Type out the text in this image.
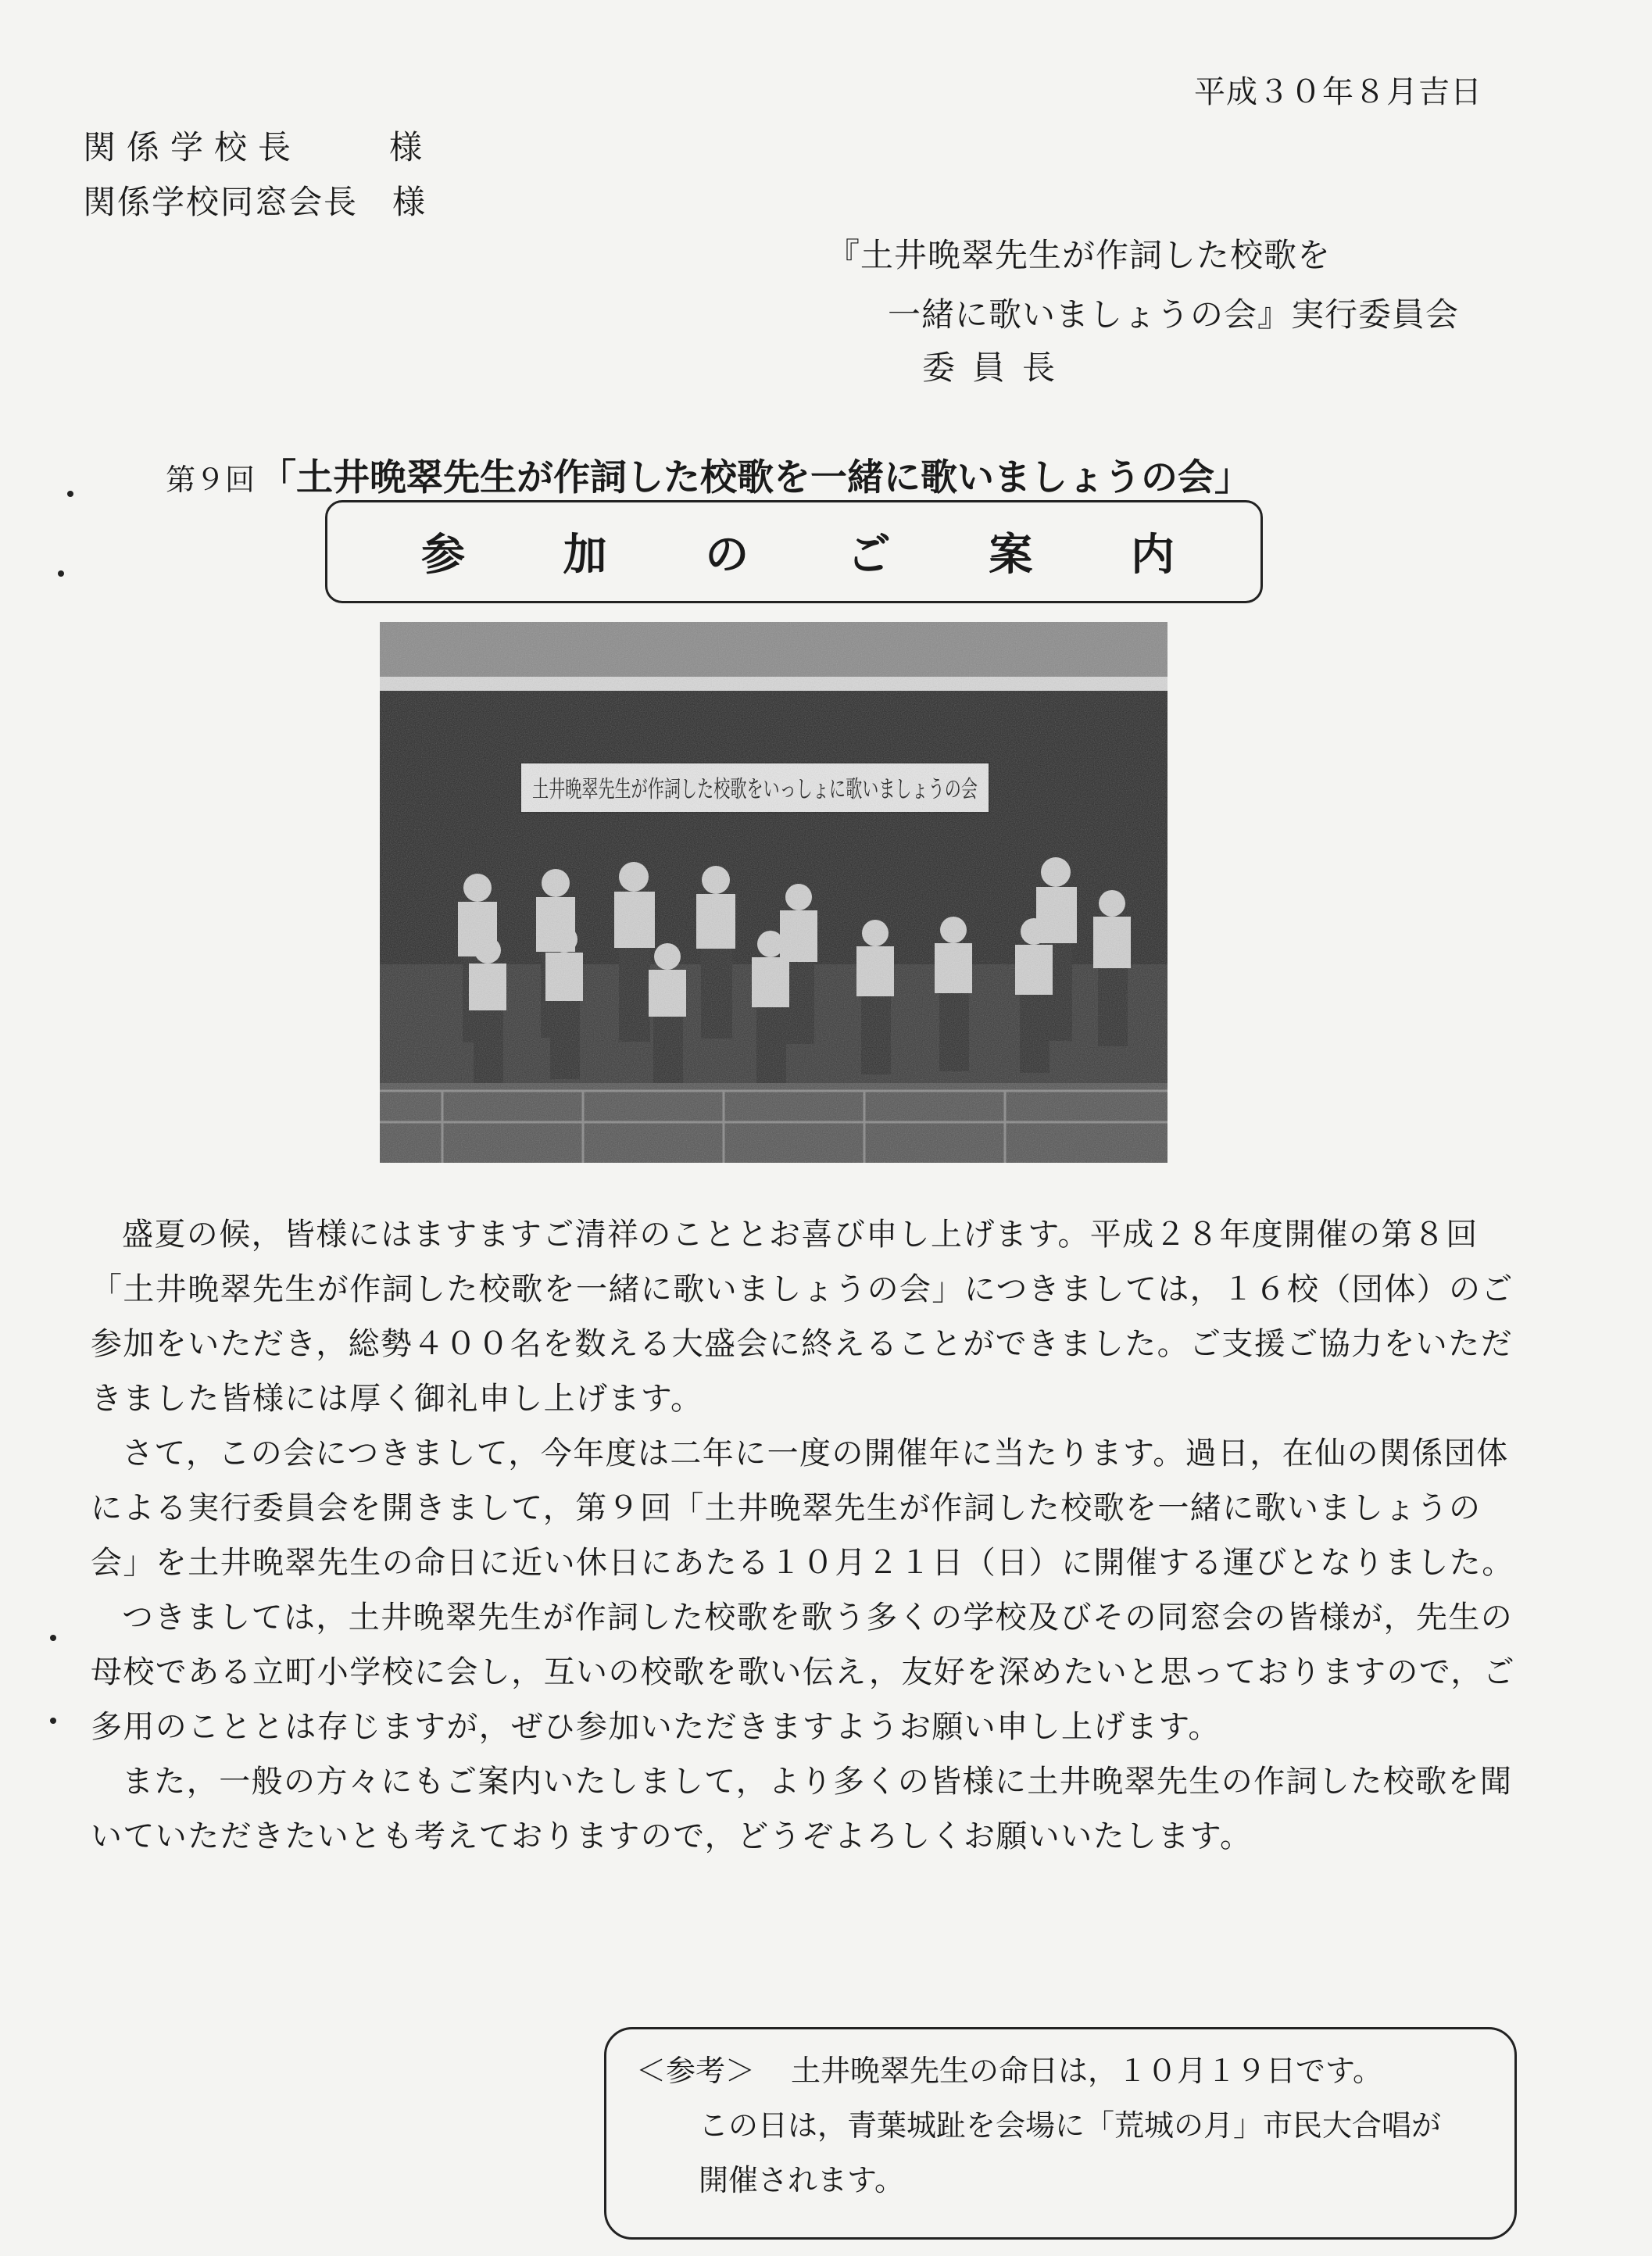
平成３０年８月吉日
関係学校長　　様
関係学校同窓会長　様
『土井晩翠先生が作詞した校歌を
一緒に歌いましょうの会』実行委員会
委員長
第９回 「土井晩翠先生が作詞した校歌を一緒に歌いましょうの会」
参 加 の ご 案 内

盛夏の候，皆様にはますますご清祥のこととお喜び申し上げます。平成２８年度開催の第８回「土井晩翠先生が作詞した校歌を一緒に歌いましょうの会」につきましては，１６校（団体）のご参加をいただき，総勢４００名を数える大盛会に終えることができました。ご支援ご協力をいただきました皆様には厚く御礼申し上げます。

さて，この会につきまして，今年度は二年に一度の開催年に当たります。過日，在仙の関係団体による実行委員会を開きまして，第９回「土井晩翠先生が作詞した校歌を一緒に歌いましょうの会」を土井晩翠先生の命日に近い休日にあたる１０月２１日（日）に開催する運びとなりました。

つきましては，土井晩翠先生が作詞した校歌を歌う多くの学校及びその同窓会の皆様が，先生の母校である立町小学校に会し，互いの校歌を歌い伝え，友好を深めたいと思っておりますので，ご多用のこととは存じますが，ぜひ参加いただきますようお願い申し上げます。

また，一般の方々にもご案内いたしまして，より多くの皆様に土井晩翠先生の作詞した校歌を聞いていただきたいとも考えておりますので，どうぞよろしくお願いいたします。

＜参考＞ 土井晩翠先生の命日は，１０月１９日です。
この日は，青葉城趾を会場に「荒城の月」市民大合唱が
開催されます。
